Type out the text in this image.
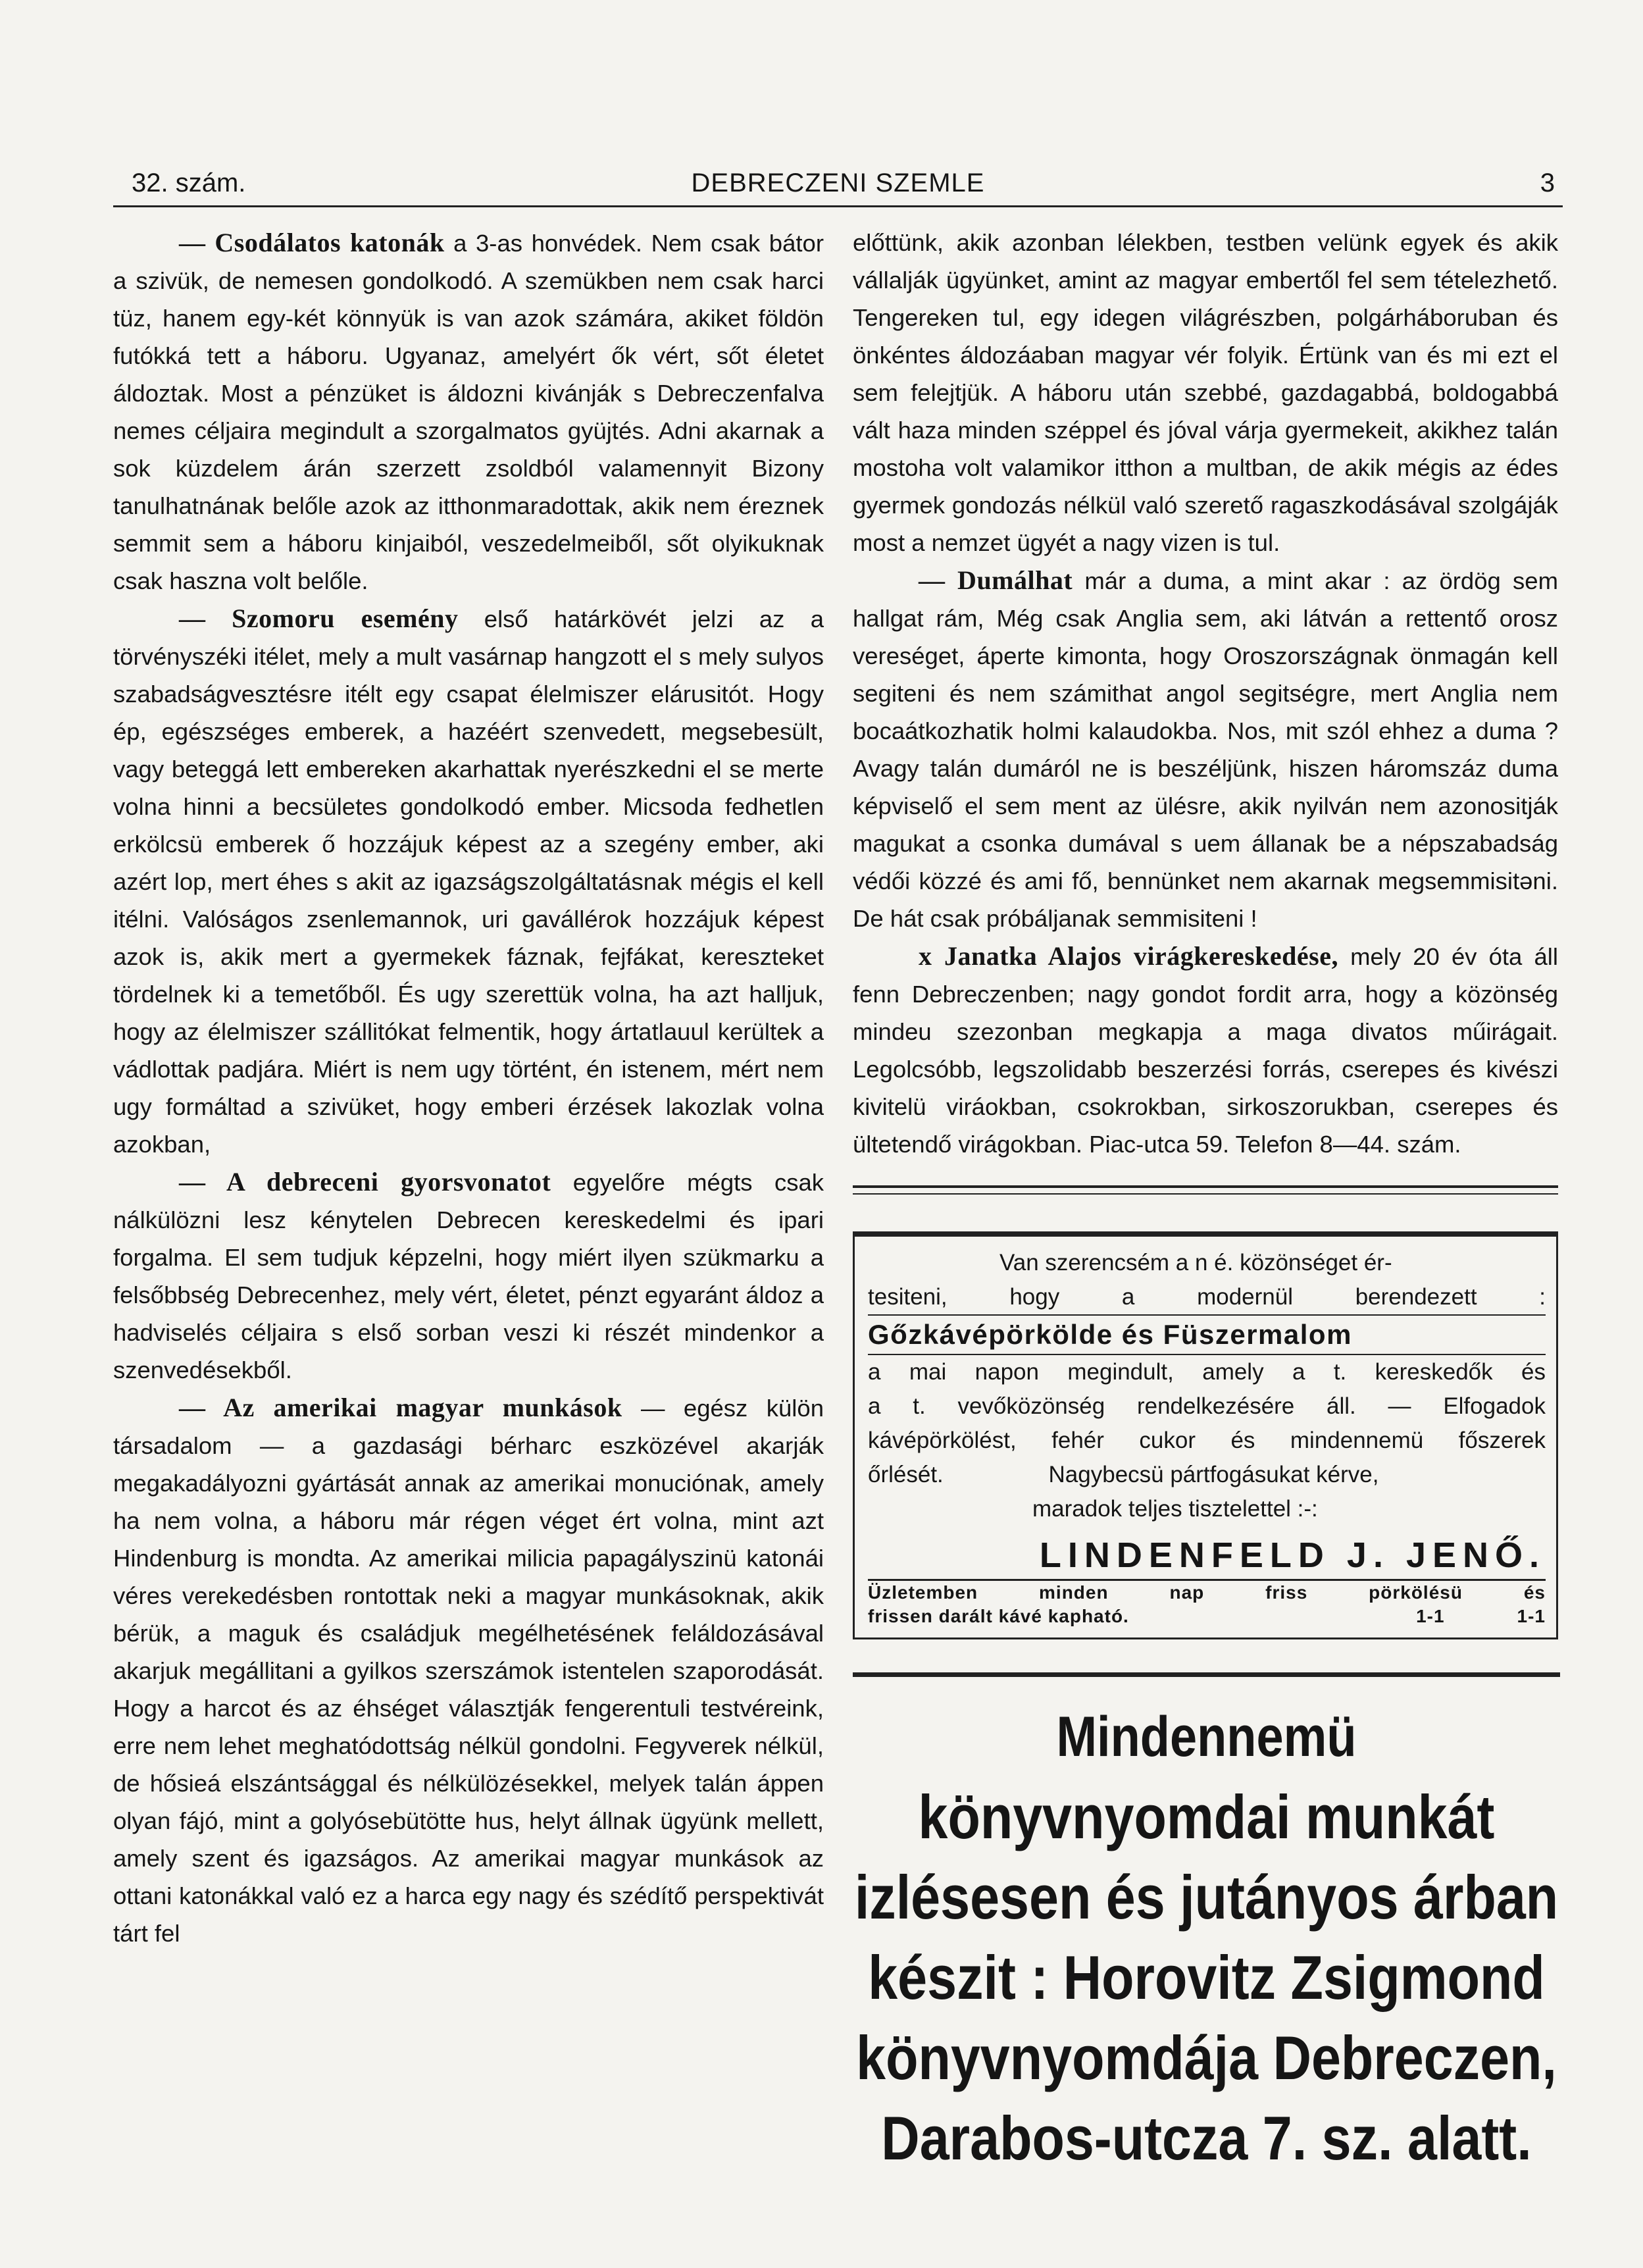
32. szám.	DEBRECZENI SZEMLE	3

— Csodálatos katonák a 3-as honvédek. Nem csak bátor a szivük, de nemesen gondolkodó. A szemükben nem csak harci tüz, hanem egy-két könnyük is van azok számára, akiket földön futókká tett a háboru. Ugyanaz, amelyért ők vért, sőt életet áldoztak. Most a pénzüket is áldozni kivánják s Debreczenfalva nemes céljaira megindult a szorgalmatos gyüjtés. Adni akarnak a sok küzdelem árán szerzett zsoldból valamennyit Bizony tanulhatnának belőle azok az itthonmaradottak, akik nem éreznek semmit sem a háboru kinjaiból, veszedelmeiből, sőt olyikuknak csak haszna volt belőle.

— Szomoru esemény első határkövét jelzi az a törvényszéki itélet, mely a mult vasárnap hangzott el s mely sulyos szabadságvesztésre itélt egy csapat élelmiszer elárusitót. Hogy ép, egészséges emberek, a hazéért szenvedett, megsebesült, vagy beteggá lett embereken akarhattak nyerészkedni el se merte volna hinni a becsületes gondolkodó ember. Micsoda fedhetlen erkölcsü emberek ő hozzájuk képest az a szegény ember, aki azért lop, mert éhes s akit az igazságszolgáltatásnak mégis el kell itélni. Valóságos zsenlemannok, uri gavállérok hozzájuk képest azok is, akik mert a gyermekek fáznak, fejfákat, kereszteket tördelnek ki a temetőből. És ugy szerettük volna, ha azt halljuk, hogy az élelmiszer szállitókat felmentik, hogy ártatlauul kerültek a vádlottak padjára. Miért is nem ugy történt, én istenem, mért nem ugy formáltad a szivüket, hogy emberi érzések lakozlak volna azokban,

— A debreceni gyorsvonatot egyelőre mégts csak nálkülözni lesz kénytelen Debrecen kereskedelmi és ipari forgalma. El sem tudjuk képzelni, hogy miért ilyen szükmarku a felsőbbség Debrecenhez, mely vért, életet, pénzt egyaránt áldoz a hadviselés céljaira s első sorban veszi ki részét mindenkor a szenvedésekből.

— Az amerikai magyar munkások — egész külön társadalom — a gazdasági bérharc eszközével akarják megakadályozni gyártását annak az amerikai monuciónak, amely ha nem volna, a háboru már régen véget ért volna, mint azt Hindenburg is mondta. Az amerikai milicia papagályszinü katonái véres verekedésben rontottak neki a magyar munkásoknak, akik bérük, a maguk és családjuk megélhetésének feláldozásával akarjuk megállitani a gyilkos szerszámok istentelen szaporodását. Hogy a harcot és az éhséget választják fengerentuli testvéreink, erre nem lehet meghatódottság nélkül gondolni. Fegyverek nélkül, de hősieá elszántsággal és nélkülözésekkel, melyek talán áppen olyan fájó, mint a golyósebütötte hus, helyt állnak ügyünk mellett, amely szent és igazságos. Az amerikai magyar munkások az ottani katonákkal való ez a harca egy nagy és szédítő perspektivát tárt fel

előttünk, akik azonban lélekben, testben velünk egyek és akik vállalják ügyünket, amint az magyar embertől fel sem tételezhető. Tengereken tul, egy idegen világrészben, polgárháboruban és önkéntes áldozáaban magyar vér folyik. Értünk van és mi ezt el sem felejtjük. A háboru után szebbé, gazdagabbá, boldogabbá vált haza minden széppel és jóval várja gyermekeit, akikhez talán mostoha volt valamikor itthon a multban, de akik mégis az édes gyermek gondozás nélkül való szerető ragaszkodásával szolgáják most a nemzet ügyét a nagy vizen is tul.

— Dumálhat már a duma, a mint akar : az ördög sem hallgat rám, Még csak Anglia sem, aki látván a rettentő orosz vereséget, áperte kimonta, hogy Oroszországnak önmagán kell segiteni és nem számithat angol segitségre, mert Anglia nem bocaátkozhatik holmi kalaudokba. Nos, mit szól ehhez a duma ? Avagy talán dumáról ne is beszéljünk, hiszen háromszáz duma képviselő el sem ment az ülésre, akik nyilván nem azonositják magukat a csonka dumával s uem állanak be a népszabadság védői közzé és ami fő, bennünket nem akarnak megsemmisitəni. De hát csak próbáljanak semmisiteni !

x Janatka Alajos virágkereskedése, mely 20 év óta áll fenn Debreczenben; nagy gondot fordit arra, hogy a közönség mindeu szezonban megkapja a maga divatos műirágait. Legolcsóbb, legszolidabb beszerzési forrás, cserepes és kivészi kivitelü viráokban, csokrokban, sirkoszorukban, cserepes és ültetendő virágokban. Piac-utca 59. Telefon 8—44. szám.

Van szerencsém a n é. közönséget ér-
tesiteni, hogy a modernül berendezett :
Gőzkávépörkölde és Füszermalom
a mai napon megindult, amely a t. kereskedők és
a t. vevőközönség rendelkezésére áll. — Elfogadok
kávépörkölést, fehér cukor és mindennemü főszerek
őrlését.	Nagybecsü pártfogásukat kérve,
maradok teljes tisztelettel :-:
LINDENFELD J. JENŐ.
Üzletemben minden nap friss pörkölésü és
frissen darált kávé kapható.	1-1
1-1
Mindennemü
könyvnyomdai munkát
izlésesen és jutányos árban
készit : Horovitz Zsigmond
könyvnyomdája Debreczen,
Darabos-utcza 7. sz. alatt.
